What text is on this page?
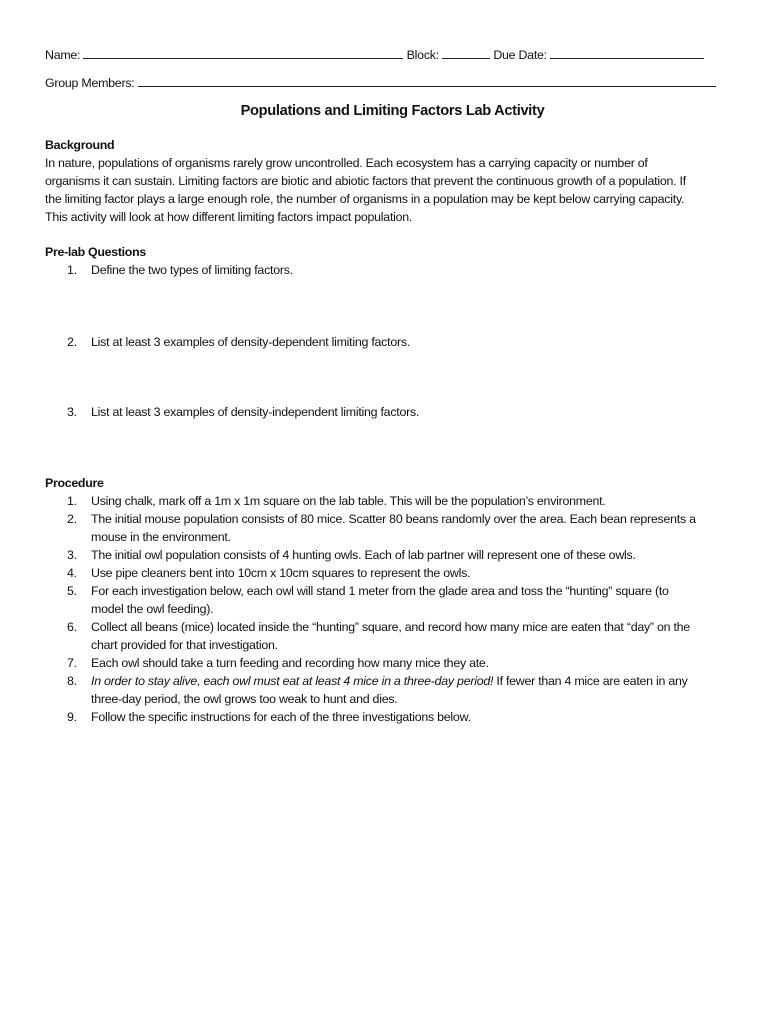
Name:	Block:	Due Date:
Group Members:
Populations and Limiting Factors Lab Activity
Background
In nature, populations of organisms rarely grow uncontrolled. Each ecosystem has a carrying capacity or number of
organisms it can sustain. Limiting factors are biotic and abiotic factors that prevent the continuous growth of a population. If
the limiting factor plays a large enough role, the number of organisms in a population may be kept below carrying capacity.
This activity will look at how different limiting factors impact population.
Pre-lab Questions
1. Define the two types of limiting factors.
2. List at least 3 examples of density-dependent limiting factors.
3. List at least 3 examples of density-independent limiting factors.
Procedure
1. Using chalk, mark off a 1m x 1m square on the lab table. This will be the population’s environment.
2. The initial mouse population consists of 80 mice. Scatter 80 beans randomly over the area. Each bean represents a
mouse in the environment.
3. The initial owl population consists of 4 hunting owls. Each of lab partner will represent one of these owls.
4. Use pipe cleaners bent into 10cm x 10cm squares to represent the owls.
5. For each investigation below, each owl will stand 1 meter from the glade area and toss the “hunting” square (to
model the owl feeding).
6. Collect all beans (mice) located inside the “hunting” square, and record how many mice are eaten that “day” on the
chart provided for that investigation.
7. Each owl should take a turn feeding and recording how many mice they ate.
8. In order to stay alive, each owl must eat at least 4 mice in a three-day period! If fewer than 4 mice are eaten in any
three-day period, the owl grows too weak to hunt and dies.
9. Follow the specific instructions for each of the three investigations below.
